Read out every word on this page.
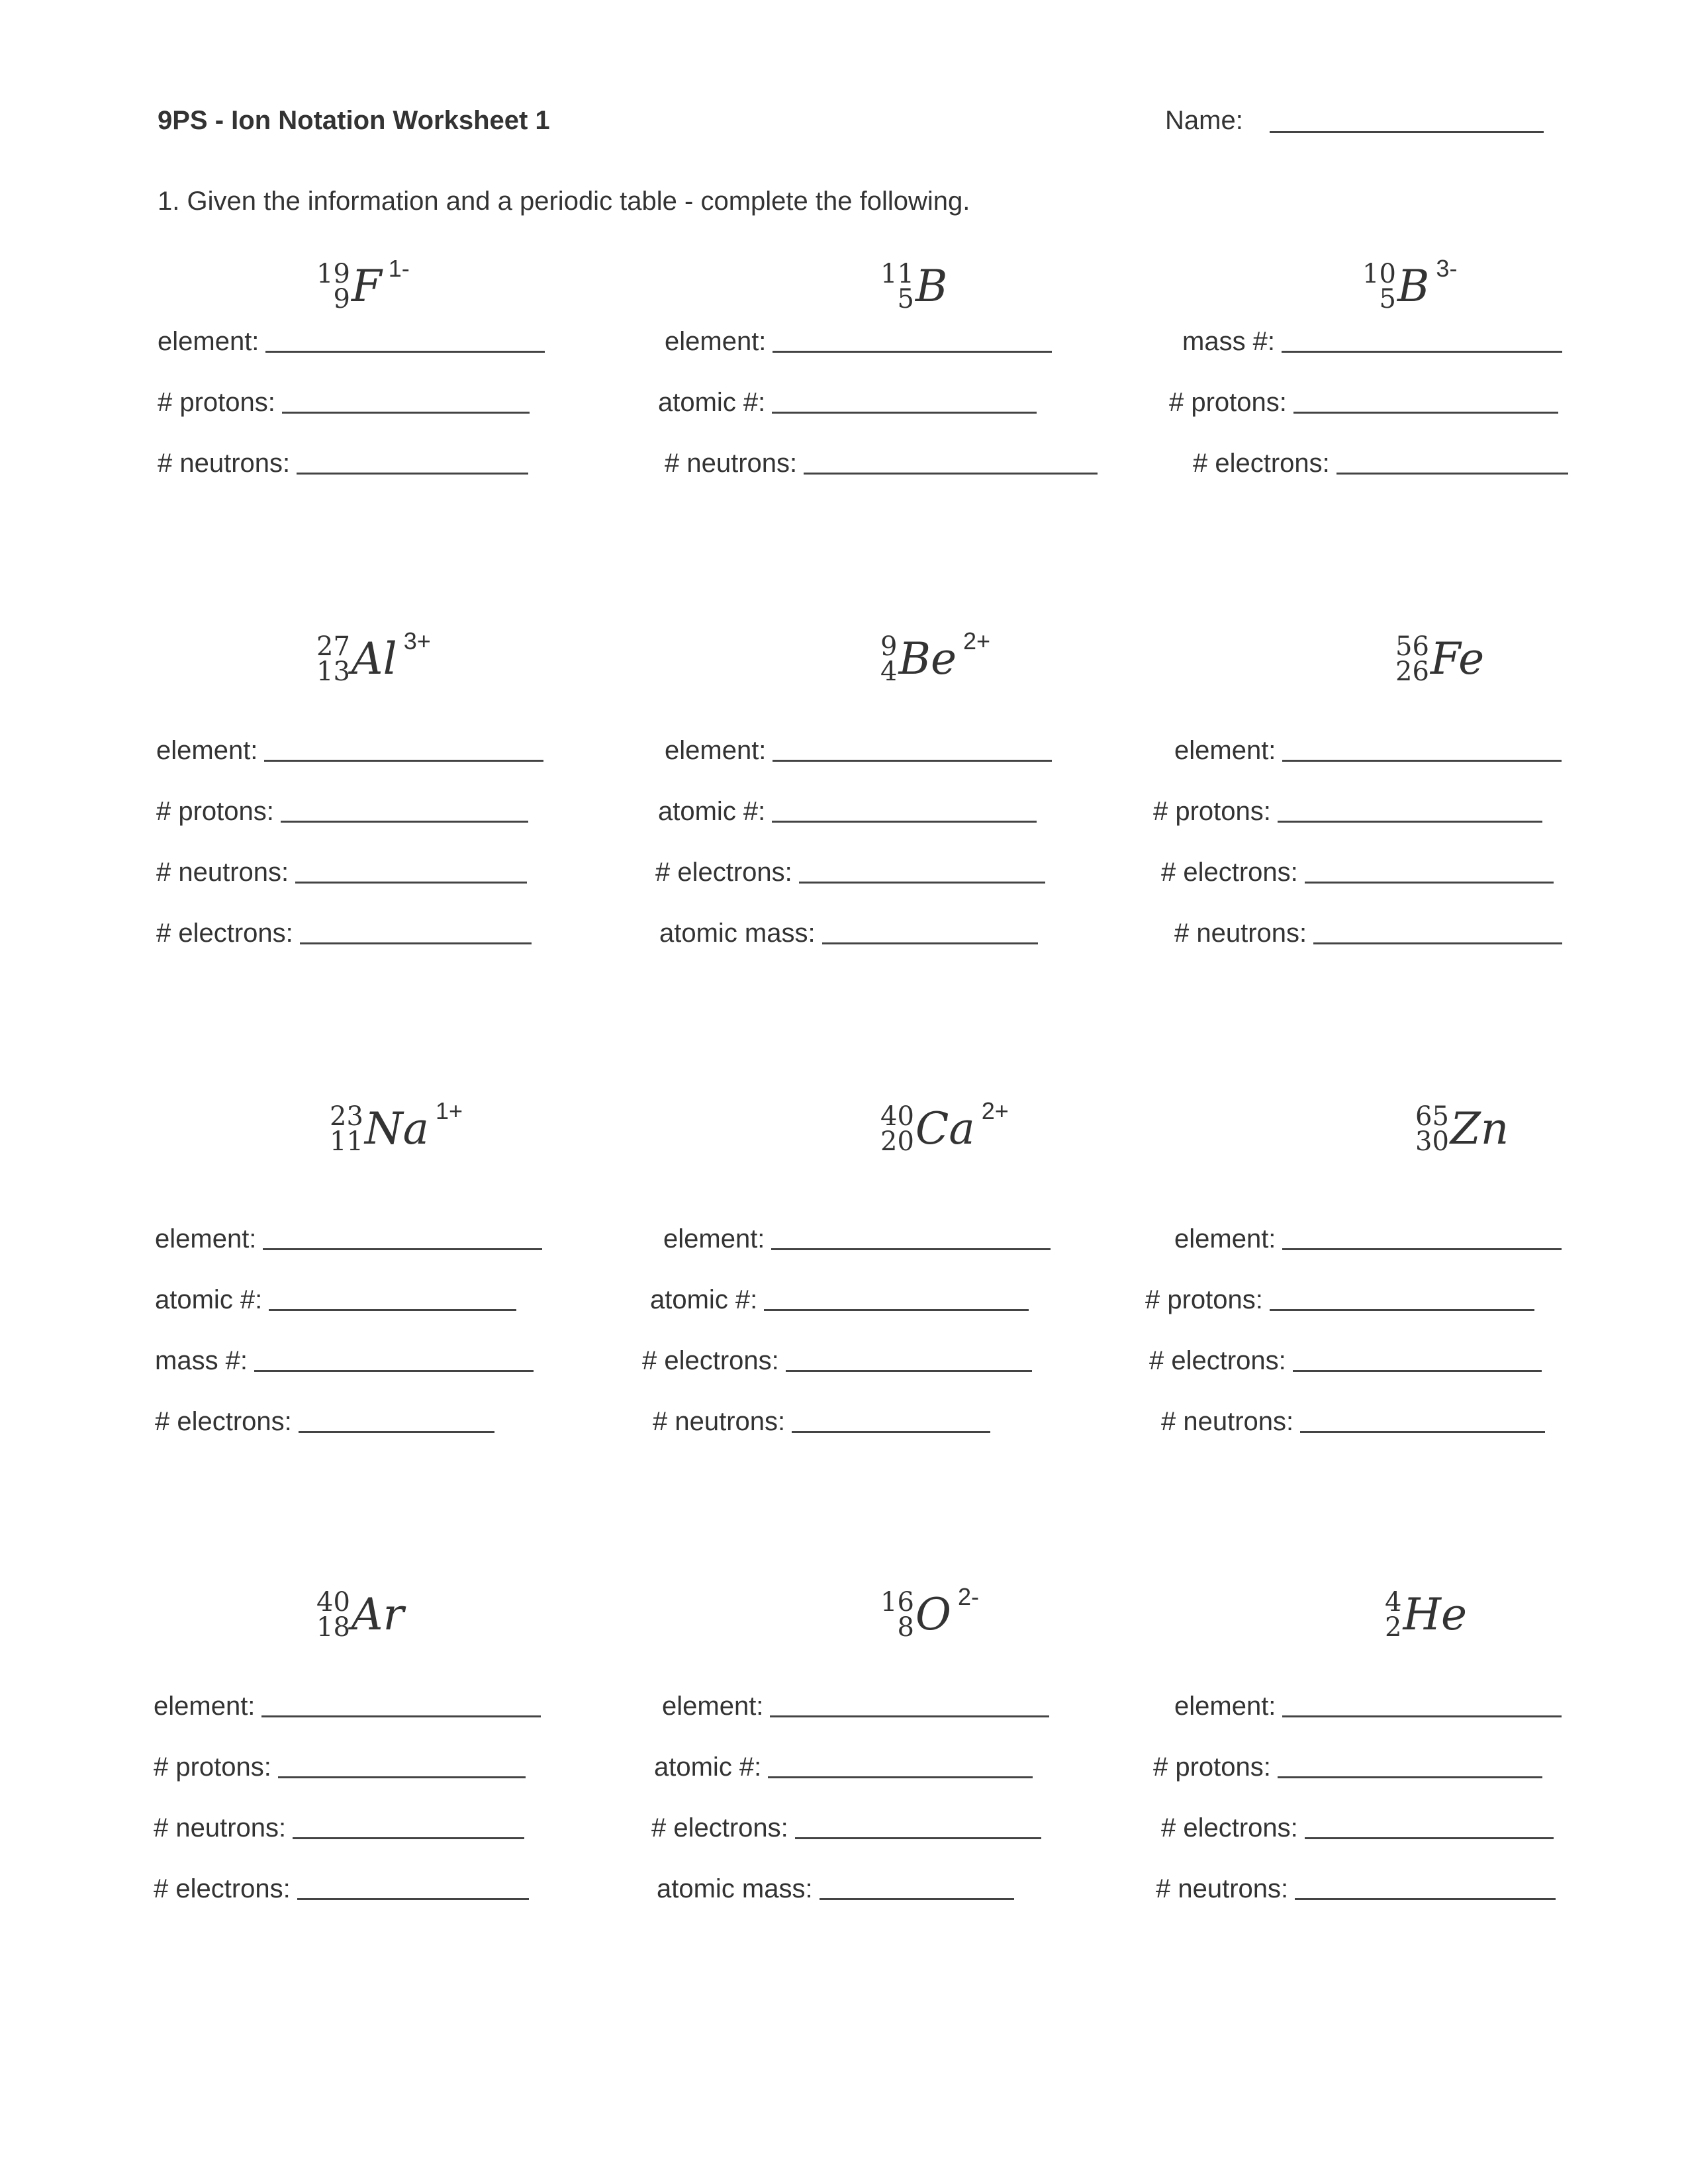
9PS - Ion Notation Worksheet 1	Name:
1. Given the information and a periodic table - complete the following.
19
9 F 1-
element:
# protons:
# neutrons:
11
5 B
element:
atomic #:
# neutrons:
10
5 B 3-
mass #:
# protons:
# electrons:
27
13 Al 3+
element:
# protons:
# neutrons:
# electrons:
9
4 Be 2+
element:
atomic #:
# electrons:
atomic mass:
56
26 Fe
element:
# protons:
# electrons:
# neutrons:
23
11 Na 1+
element:
atomic #:
mass #:
# electrons:
40
20 Ca 2+
element:
atomic #:
# electrons:
# neutrons:
65
30 Zn
element:
# protons:
# electrons:
# neutrons:
40
18 Ar
element:
# protons:
# neutrons:
# electrons:
16
8 O 2-
element:
atomic #:
# electrons:
atomic mass:
4
2 He
element:
# protons:
# electrons:
# neutrons:
